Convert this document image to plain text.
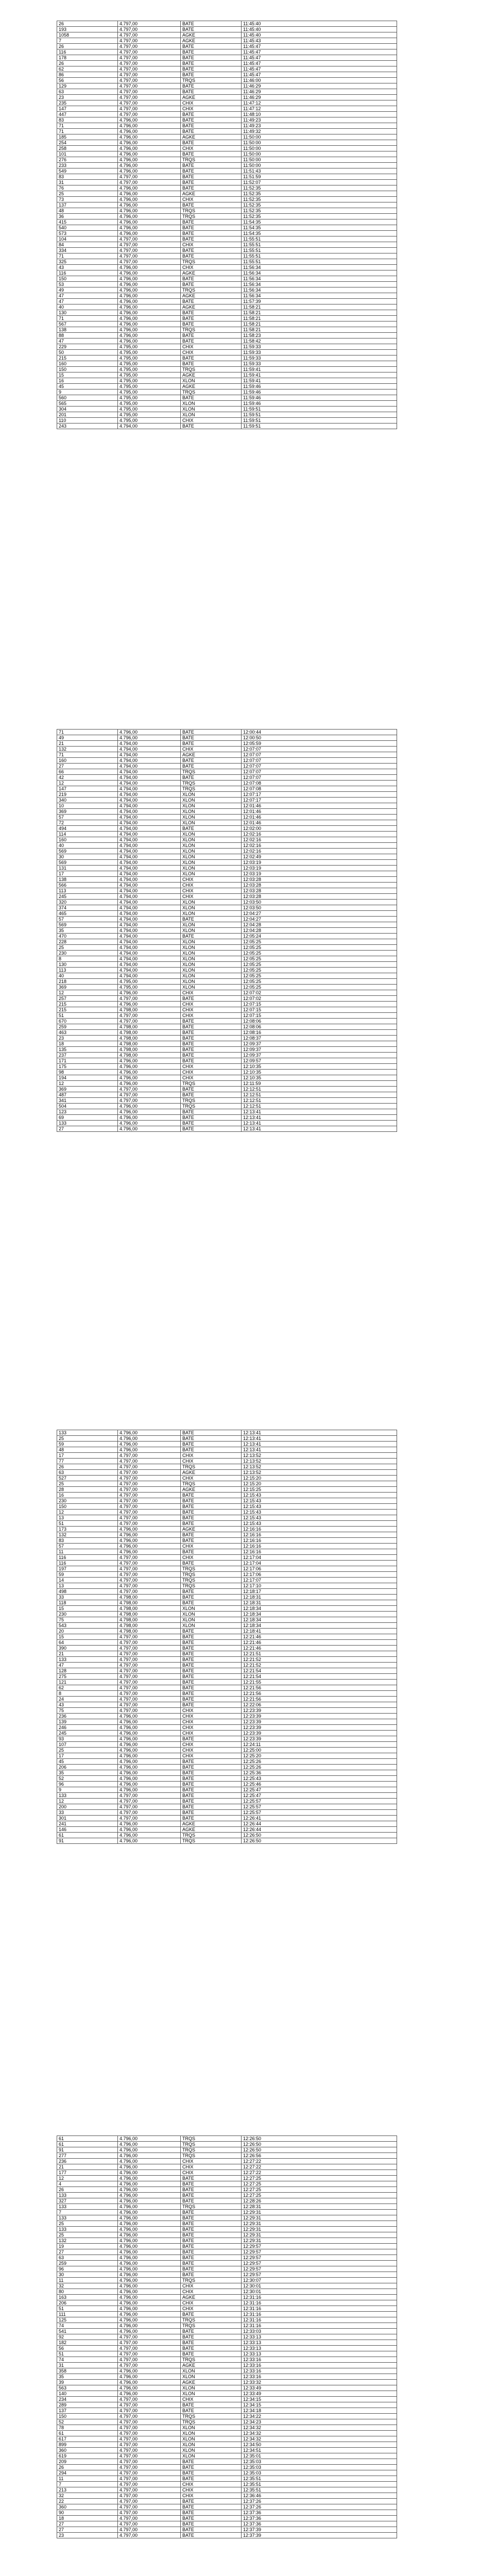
26	4.797,00	BATE	11:45:40
193	4.797,00	BATE	11:45:40
1058	4.797,00	AGKE	11:45:40
7	4.797,00	AGKE	11:45:43
26	4.797,00	BATE	11:45:47
116	4.797,00	BATE	11:45:47
178	4.797,00	BATE	11:45:47
26	4.797,00	BATE	11:45:47
62	4.797,00	BATE	11:45:47
86	4.797,00	BATE	11:45:47
56	4.797,00	TRQS	11:46:00
129	4.797,00	BATE	11:46:29
63	4.797,00	BATE	11:46:29
23	4.797,00	AGKE	11:46:29
235	4.797,00	CHIX	11:47:12
147	4.797,00	CHIX	11:47:12
447	4.797,00	BATE	11:48:10
83	4.796,00	BATE	11:49:23
71	4.796,00	BATE	11:49:23
71	4.796,00	BATE	11:49:32
185	4.796,00	AGKE	11:50:00
254	4.796,00	BATE	11:50:00
258	4.796,00	CHIX	11:50:00
101	4.796,00	BATE	11:50:00
276	4.796,00	TRQS	11:50:00
233	4.796,00	BATE	11:50:00
549	4.796,00	BATE	11:51:43
83	4.797,00	BATE	11:51:59
31	4.797,00	BATE	11:52:07
76	4.796,00	BATE	11:52:35
25	4.796,00	AGKE	11:52:35
73	4.796,00	CHIX	11:52:35
137	4.796,00	BATE	11:52:35
48	4.796,00	TRQS	11:52:35
36	4.796,00	TRQS	11:52:35
415	4.796,00	BATE	11:54:35
540	4.796,00	BATE	11:54:35
573	4.796,00	BATE	11:54:35
104	4.797,00	BATE	11:55:51
84	4.797,00	CHIX	11:55:51
334	4.797,00	BATE	11:55:51
71	4.797,00	BATE	11:55:51
325	4.797,00	TRQS	11:55:51
43	4.796,00	CHIX	11:56:34
116	4.796,00	AGKE	11:56:34
150	4.796,00	BATE	11:56:34
53	4.796,00	BATE	11:56:34
49	4.796,00	TRQS	11:56:34
47	4.796,00	AGKE	11:56:34
47	4.796,00	BATE	11:57:39
40	4.796,00	AGKE	11:58:21
130	4.796,00	BATE	11:58:21
71	4.796,00	BATE	11:58:21
567	4.796,00	BATE	11:58:21
138	4.796,00	TRQS	11:58:21
88	4.796,00	BATE	11:58:23
47	4.796,00	BATE	11:58:42
229	4.795,00	CHIX	11:59:33
50	4.795,00	CHIX	11:59:33
215	4.795,00	BATE	11:59:33
160	4.795,00	BATE	11:59:33
150	4.795,00	TRQS	11:59:41
15	4.795,00	AGKE	11:59:41
16	4.795,00	XLON	11:59:41
45	4.795,00	AGKE	11:59:46
9	4.795,00	TRQS	11:59:46
560	4.795,00	BATE	11:59:46
565	4.795,00	XLON	11:59:46
304	4.795,00	XLON	11:59:51
201	4.795,00	XLON	11:59:51
110	4.795,00	CHIX	11:59:51
243	4.794,00	BATE	11:59:51
71	4.796,00	BATE	12:00:44
49	4.796,00	BATE	12:00:50
21	4.794,00	BATE	12:05:59
132	4.794,00	CHIX	12:07:07
71	4.794,00	AGKE	12:07:07
160	4.794,00	BATE	12:07:07
27	4.794,00	BATE	12:07:07
66	4.794,00	TRQS	12:07:07
42	4.794,00	BATE	12:07:07
12	4.794,00	TRQS	12:07:08
147	4.794,00	TRQS	12:07:08
219	4.794,00	XLON	12:07:17
340	4.794,00	XLON	12:07:17
10	4.794,00	XLON	12:01:46
369	4.794,00	XLON	12:01:46
57	4.794,00	XLON	12:01:46
72	4.794,00	XLON	12:01:46
494	4.794,00	BATE	12:02:00
114	4.794,00	XLON	12:02:16
160	4.794,00	XLON	12:02:16
40	4.794,00	XLON	12:02:16
569	4.794,00	XLON	12:02:16
30	4.794,00	XLON	12:02:49
569	4.794,00	XLON	12:03:19
131	4.794,00	XLON	12:03:19
17	4.794,00	XLON	12:03:19
138	4.794,00	CHIX	12:03:28
566	4.794,00	CHIX	12:03:28
113	4.794,00	CHIX	12:03:28
245	4.794,00	CHIX	12:03:28
320	4.794,00	XLON	12:03:50
374	4.794,00	XLON	12:03:50
465	4.794,00	XLON	12:04:27
57	4.794,00	BATE	12:04:27
569	4.794,00	XLON	12:04:28
35	4.794,00	XLON	12:04:28
470	4.794,00	BATE	12:05:24
228	4.794,00	XLON	12:05:25
25	4.794,00	XLON	12:05:25
230	4.794,00	XLON	12:05:25
8	4.794,00	XLON	12:05:25
130	4.794,00	XLON	12:05:25
113	4.794,00	XLON	12:05:25
40	4.794,00	XLON	12:05:25
218	4.795,00	XLON	12:05:25
369	4.795,00	XLON	12:05:25
12	4.796,00	CHIX	12:07:02
257	4.797,00	BATE	12:07:02
215	4.796,00	CHIX	12:07:15
215	4.798,00	CHIX	12:07:15
51	4.797,00	CHIX	12:07:15
670	4.797,00	BATE	12:08:06
259	4.798,00	BATE	12:08:06
463	4.798,00	BATE	12:08:16
23	4.798,00	BATE	12:08:37
18	4.798,00	BATE	12:09:37
135	4.798,00	BATE	12:09:37
237	4.798,00	BATE	12:09:37
171	4.796,00	BATE	12:09:57
175	4.796,00	CHIX	12:10:35
98	4.796,00	CHIX	12:10:35
194	4.796,00	CHIX	12:10:35
12	4.796,00	TRQS	12:11:59
369	4.797,00	BATE	12:12:51
487	4.797,00	BATE	12:12:51
341	4.797,00	TRQS	12:12:51
504	4.796,00	TRQS	12:12:51
123	4.796,00	BATE	12:13:41
69	4.796,00	BATE	12:13:41
133	4.796,00	BATE	12:13:41
27	4.796,00	BATE	12:13:41
133	4.796,00	BATE	12:13:41
25	4.796,00	BATE	12:13:41
59	4.796,00	BATE	12:13:41
48	4.796,00	BATE	12:13:41
17	4.797,00	CHIX	12:13:52
77	4.797,00	CHIX	12:13:52
26	4.797,00	TRQS	12:13:52
63	4.797,00	AGKE	12:13:52
527	4.797,00	CHIX	12:15:20
25	4.797,00	TRQS	12:15:20
28	4.797,00	AGKE	12:15:25
16	4.797,00	BATE	12:15:43
230	4.797,00	BATE	12:15:43
150	4.797,00	BATE	12:15:43
12	4.797,00	BATE	12:15:43
13	4.797,00	BATE	12:15:43
51	4.797,00	BATE	12:15:43
173	4.796,00	AGKE	12:16:16
132	4.796,00	BATE	12:16:16
83	4.796,00	BATE	12:16:16
57	4.796,00	CHIX	12:16:16
11	4.796,00	BATE	12:16:16
116	4.797,00	CHIX	12:17:04
116	4.797,00	BATE	12:17:04
197	4.797,00	TRQS	12:17:06
59	4.797,00	TRQS	12:17:06
14	4.797,00	TRQS	12:17:07
13	4.797,00	TRQS	12:17:10
498	4.797,00	BATE	12:18:17
33	4.798,00	BATE	12:18:31
118	4.798,00	BATE	12:18:31
15	4.798,00	XLON	12:18:34
230	4.798,00	XLON	12:18:34
75	4.798,00	XLON	12:18:34
543	4.798,00	XLON	12:18:34
20	4.798,00	BATE	12:18:41
15	4.797,00	BATE	12:21:46
64	4.797,00	BATE	12:21:46
390	4.797,00	BATE	12:21:46
21	4.797,00	BATE	12:21:51
133	4.797,00	BATE	12:21:52
47	4.797,00	BATE	12:21:52
128	4.797,00	BATE	12:21:54
275	4.797,00	BATE	12:21:54
121	4.797,00	BATE	12:21:55
62	4.797,00	BATE	12:21:56
8	4.797,00	BATE	12:21:56
24	4.797,00	BATE	12:21:56
43	4.797,00	BATE	12:22:06
75	4.797,00	CHIX	12:23:39
236	4.796,00	CHIX	12:23:39
139	4.796,00	CHIX	12:23:39
246	4.796,00	CHIX	12:23:39
245	4.796,00	CHIX	12:23:39
93	4.796,00	BATE	12:23:39
107	4.796,00	CHIX	12:24:11
25	4.796,00	CHIX	12:25:00
17	4.796,00	CHIX	12:25:20
45	4.796,00	BATE	12:25:26
206	4.796,00	BATE	12:25:26
35	4.796,00	BATE	12:25:36
52	4.796,00	BATE	12:25:43
96	4.796,00	BATE	12:25:46
9	4.796,00	BATE	12:25:47
133	4.797,00	BATE	12:25:47
12	4.797,00	BATE	12:25:57
200	4.797,00	BATE	12:25:57
33	4.797,00	BATE	12:25:57
301	4.797,00	BATE	12:26:41
241	4.796,00	AGKE	12:26:44
146	4.796,00	AGKE	12:26:44
61	4.796,00	TRQS	12:26:50
91	4.796,00	TRQS	12:26:50
61	4.796,00	TRQS	12:26:50
61	4.796,00	TRQS	12:26:50
91	4.796,00	TRQS	12:26:50
277	4.796,00	TRQS	12:26:56
236	4.796,00	CHIX	12:27:22
21	4.796,00	CHIX	12:27:22
177	4.796,00	CHIX	12:27:22
12	4.796,00	BATE	12:27:25
4	4.796,00	BATE	12:27:25
26	4.796,00	BATE	12:27:25
133	4.796,00	BATE	12:27:25
327	4.796,00	BATE	12:28:26
133	4.796,00	TRQS	12:28:31
7	4.796,00	BATE	12:29:31
133	4.796,00	BATE	12:29:31
25	4.796,00	BATE	12:29:31
133	4.796,00	BATE	12:29:31
25	4.796,00	BATE	12:29:31
132	4.796,00	BATE	12:29:31
19	4.796,00	BATE	12:29:57
27	4.796,00	BATE	12:29:57
63	4.796,00	BATE	12:29:57
259	4.796,00	BATE	12:29:57
96	4.796,00	BATE	12:29:57
30	4.796,00	BATE	12:29:57
11	4.796,00	TRQS	12:30:07
32	4.796,00	CHIX	12:30:01
80	4.796,00	CHIX	12:30:01
163	4.796,00	AGKE	12:31:16
206	4.796,00	CHIX	12:31:16
51	4.796,00	CHIX	12:31:16
111	4.796,00	BATE	12:31:16
125	4.796,00	TRQS	12:31:16
74	4.796,00	TRQS	12:31:16
541	4.796,00	BATE	12:33:03
92	4.797,00	BATE	12:33:13
182	4.797,00	BATE	12:33:13
56	4.797,00	BATE	12:33:13
51	4.797,00	BATE	12:33:13
74	4.797,00	TRQS	12:33:16
31	4.797,00	AGKE	12:33:16
358	4.796,00	XLON	12:33:16
35	4.796,00	XLON	12:33:16
39	4.796,00	AGKE	12:33:32
563	4.796,00	XLON	12:33:49
140	4.796,00	XLON	12:33:49
234	4.797,00	CHIX	12:34:15
289	4.797,00	BATE	12:34:15
137	4.797,00	BATE	12:34:18
150	4.797,00	TRQS	12:34:22
52	4.797,00	TRQS	12:34:23
78	4.797,00	XLON	12:34:32
61	4.797,00	XLON	12:34:32
617	4.797,00	XLON	12:34:32
899	4.797,00	XLON	12:34:50
360	4.797,00	XLON	12:34:51
619	4.797,00	XLON	12:35:01
209	4.797,00	BATE	12:35:03
26	4.797,00	BATE	12:35:03
294	4.797,00	BATE	12:35:03
11	4.797,00	BATE	12:35:51
7	4.797,00	CHIX	12:35:51
213	4.797,00	CHIX	12:35:51
32	4.797,00	CHIX	12:36:46
22	4.797,00	BATE	12:37:26
360	4.797,00	BATE	12:37:26
90	4.797,00	BATE	12:37:36
18	4.797,00	BATE	12:37:36
27	4.797,00	BATE	12:37:36
27	4.797,00	BATE	12:37:39
23	4.797,00	BATE	12:37:39
